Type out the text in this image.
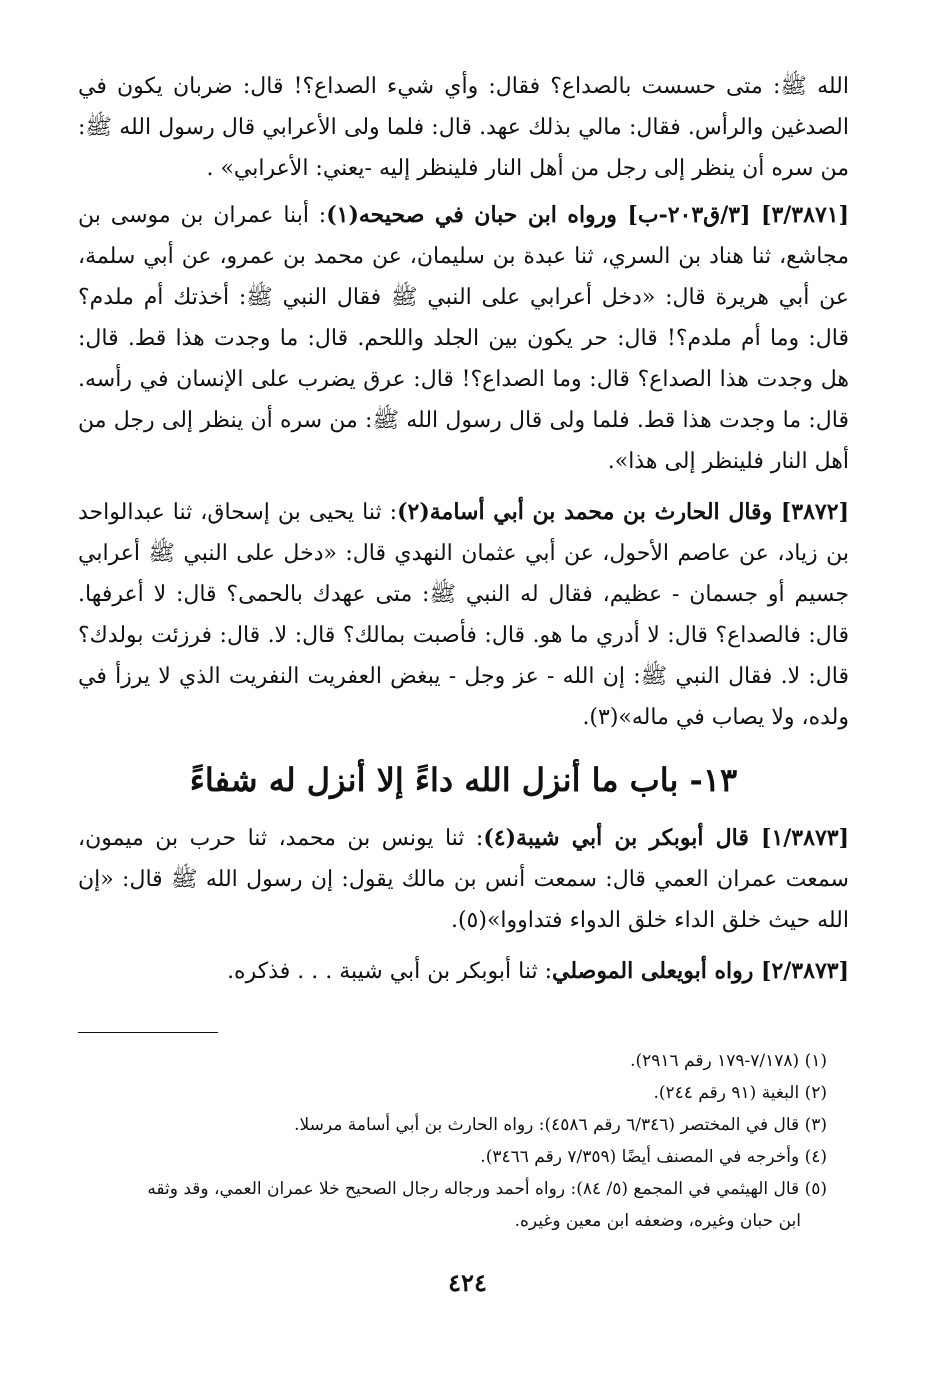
الله ﷺ: متى حسست بالصداع؟ فقال: وأي شيء الصداع؟! قال: ضربان يكون في الصدغين والرأس. فقال: مالي بذلك عهد. قال: فلما ولى الأعرابي قال رسول الله ﷺ: من سره أن ينظر إلى رجل من أهل النار فلينظر إليه -يعني: الأعرابي» .

[٣/٣٨٧١] [٣/ق٢٠٣-ب] ورواه ابن حبان في صحيحه(١): أبنا عمران بن موسى بن مجاشع، ثنا هناد بن السري، ثنا عبدة بن سليمان، عن محمد بن عمرو، عن أبي سلمة، عن أبي هريرة قال: «دخل أعرابي على النبي ﷺ فقال النبي ﷺ: أخذتك أم ملدم؟ قال: وما أم ملدم؟! قال: حر يكون بين الجلد واللحم. قال: ما وجدت هذا قط. قال: هل وجدت هذا الصداع؟ قال: وما الصداع؟! قال: عرق يضرب على الإنسان في رأسه. قال: ما وجدت هذا قط. فلما ولى قال رسول الله ﷺ: من سره أن ينظر إلى رجل من أهل النار فلينظر إلى هذا».

[٣٨٧٢] وقال الحارث بن محمد بن أبي أسامة(٢): ثنا يحيى بن إسحاق، ثنا عبدالواحد بن زياد، عن عاصم الأحول، عن أبي عثمان النهدي قال: «دخل على النبي ﷺ أعرابي جسيم أو جسمان - عظيم، فقال له النبي ﷺ: متى عهدك بالحمى؟ قال: لا أعرفها. قال: فالصداع؟ قال: لا أدري ما هو. قال: فأصبت بمالك؟ قال: لا. قال: فرزئت بولدك؟ قال: لا. فقال النبي ﷺ: إن الله - عز وجل - يبغض العفريت النفريت الذي لا يرزأ في ولده، ولا يصاب في ماله»(٣).

١٣- باب ما أنزل الله داءً إلا أنزل له شفاءً

[١/٣٨٧٣] قال أبوبكر بن أبي شيبة(٤): ثنا يونس بن محمد، ثنا حرب بن ميمون، سمعت عمران العمي قال: سمعت أنس بن مالك يقول: إن رسول الله ﷺ قال: «إن الله حيث خلق الداء خلق الدواء فتداووا»(٥).

[٢/٣٨٧٣] رواه أبويعلى الموصلي: ثنا أبوبكر بن أبي شيبة . . . فذكره.

(١) (٧/١٧٨-١٧٩ رقم ٢٩١٦).

(٢) البغية (٩١ رقم ٢٤٤).

(٣) قال في المختصر (٦/٣٤٦ رقم ٤٥٨٦): رواه الحارث بن أبي أسامة مرسلا.

(٤) وأخرجه في المصنف أيضًا (٧/٣٥٩ رقم ٣٤٦٦).

(٥) قال الهيثمي في المجمع (٥/ ٨٤): رواه أحمد ورجاله رجال الصحيح خلا عمران العمي، وقد وثقه

ابن حبان وغيره، وضعفه ابن معين وغيره.

٤٢٤
